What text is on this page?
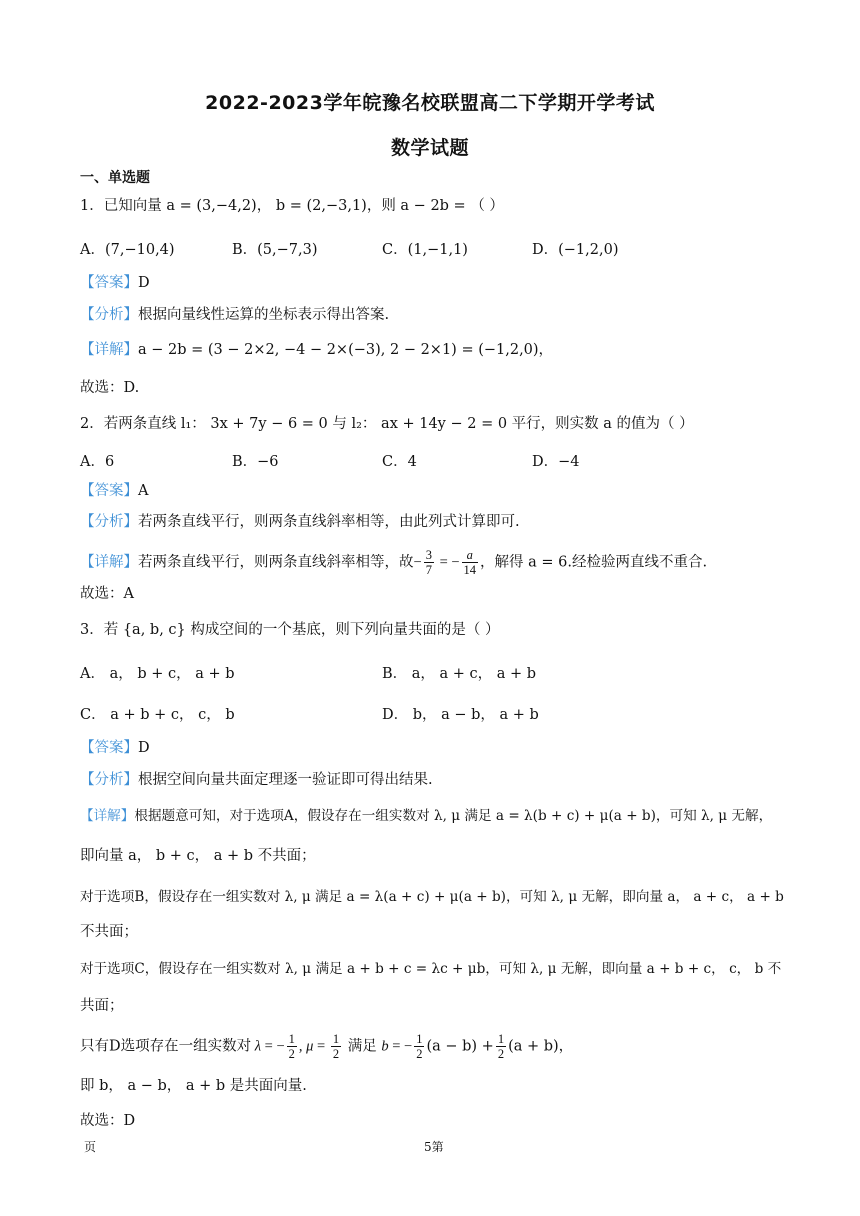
2022-2023学年皖豫名校联盟高二下学期开学考试
数学试题
一、单选题
1．已知向量 a = (3,−4,2)， b = (2,−3,1)，则 a − 2b = （ ）
A．(7,−10,4)	B．(5,−7,3)	C．(1,−1,1)	D．(−1,2,0)
【答案】D
【分析】根据向量线性运算的坐标表示得出答案.
【详解】a − 2b = (3 − 2×2, −4 − 2×(−3), 2 − 2×1) = (−1,2,0)，
故选：D.
2．若两条直线 l₁： 3x + 7y − 6 = 0 与 l₂： ax + 14y − 2 = 0 平行，则实数 a 的值为（ ）
A．6	B．−6	C．4	D．−4
【答案】A
【分析】若两条直线平行，则两条直线斜率相等，由此列式计算即可.
【详解】若两条直线平行，则两条直线斜率相等，故− $\frac{3}{7}$ = − $\frac{a}{14}$ ，解得 a = 6.经检验两直线不重合.
故选：A
3．若 {a, b, c} 构成空间的一个基底，则下列向量共面的是（ ）
A． a， b + c， a + b	B． a， a + c， a + b
C． a + b + c， c， b	D． b， a − b， a + b
【答案】D
【分析】根据空间向量共面定理逐一验证即可得出结果.
【详解】根据题意可知，对于选项A，假设存在一组实数对 λ, μ 满足 a = λ(b + c) + μ(a + b)，可知 λ, μ 无解，
即向量 a， b + c， a + b 不共面；
对于选项B，假设存在一组实数对 λ, μ 满足 a = λ(a + c) + μ(a + b)，可知 λ, μ 无解，即向量 a， a + c， a + b
不共面；
对于选项C，假设存在一组实数对 λ, μ 满足 a + b + c = λc + μb，可知 λ, μ 无解，即向量 a + b + c， c， b 不
共面；
只有D选项存在一组实数对 λ = − $\frac{1}{2}$ , $\mu = \frac{1}{2}$ 满足 b = − $\frac{1}{2} (a - b) + \frac{1}{2} (a + b)$，
即 b， a − b， a + b 是共面向量.
故选：D
页	5第
